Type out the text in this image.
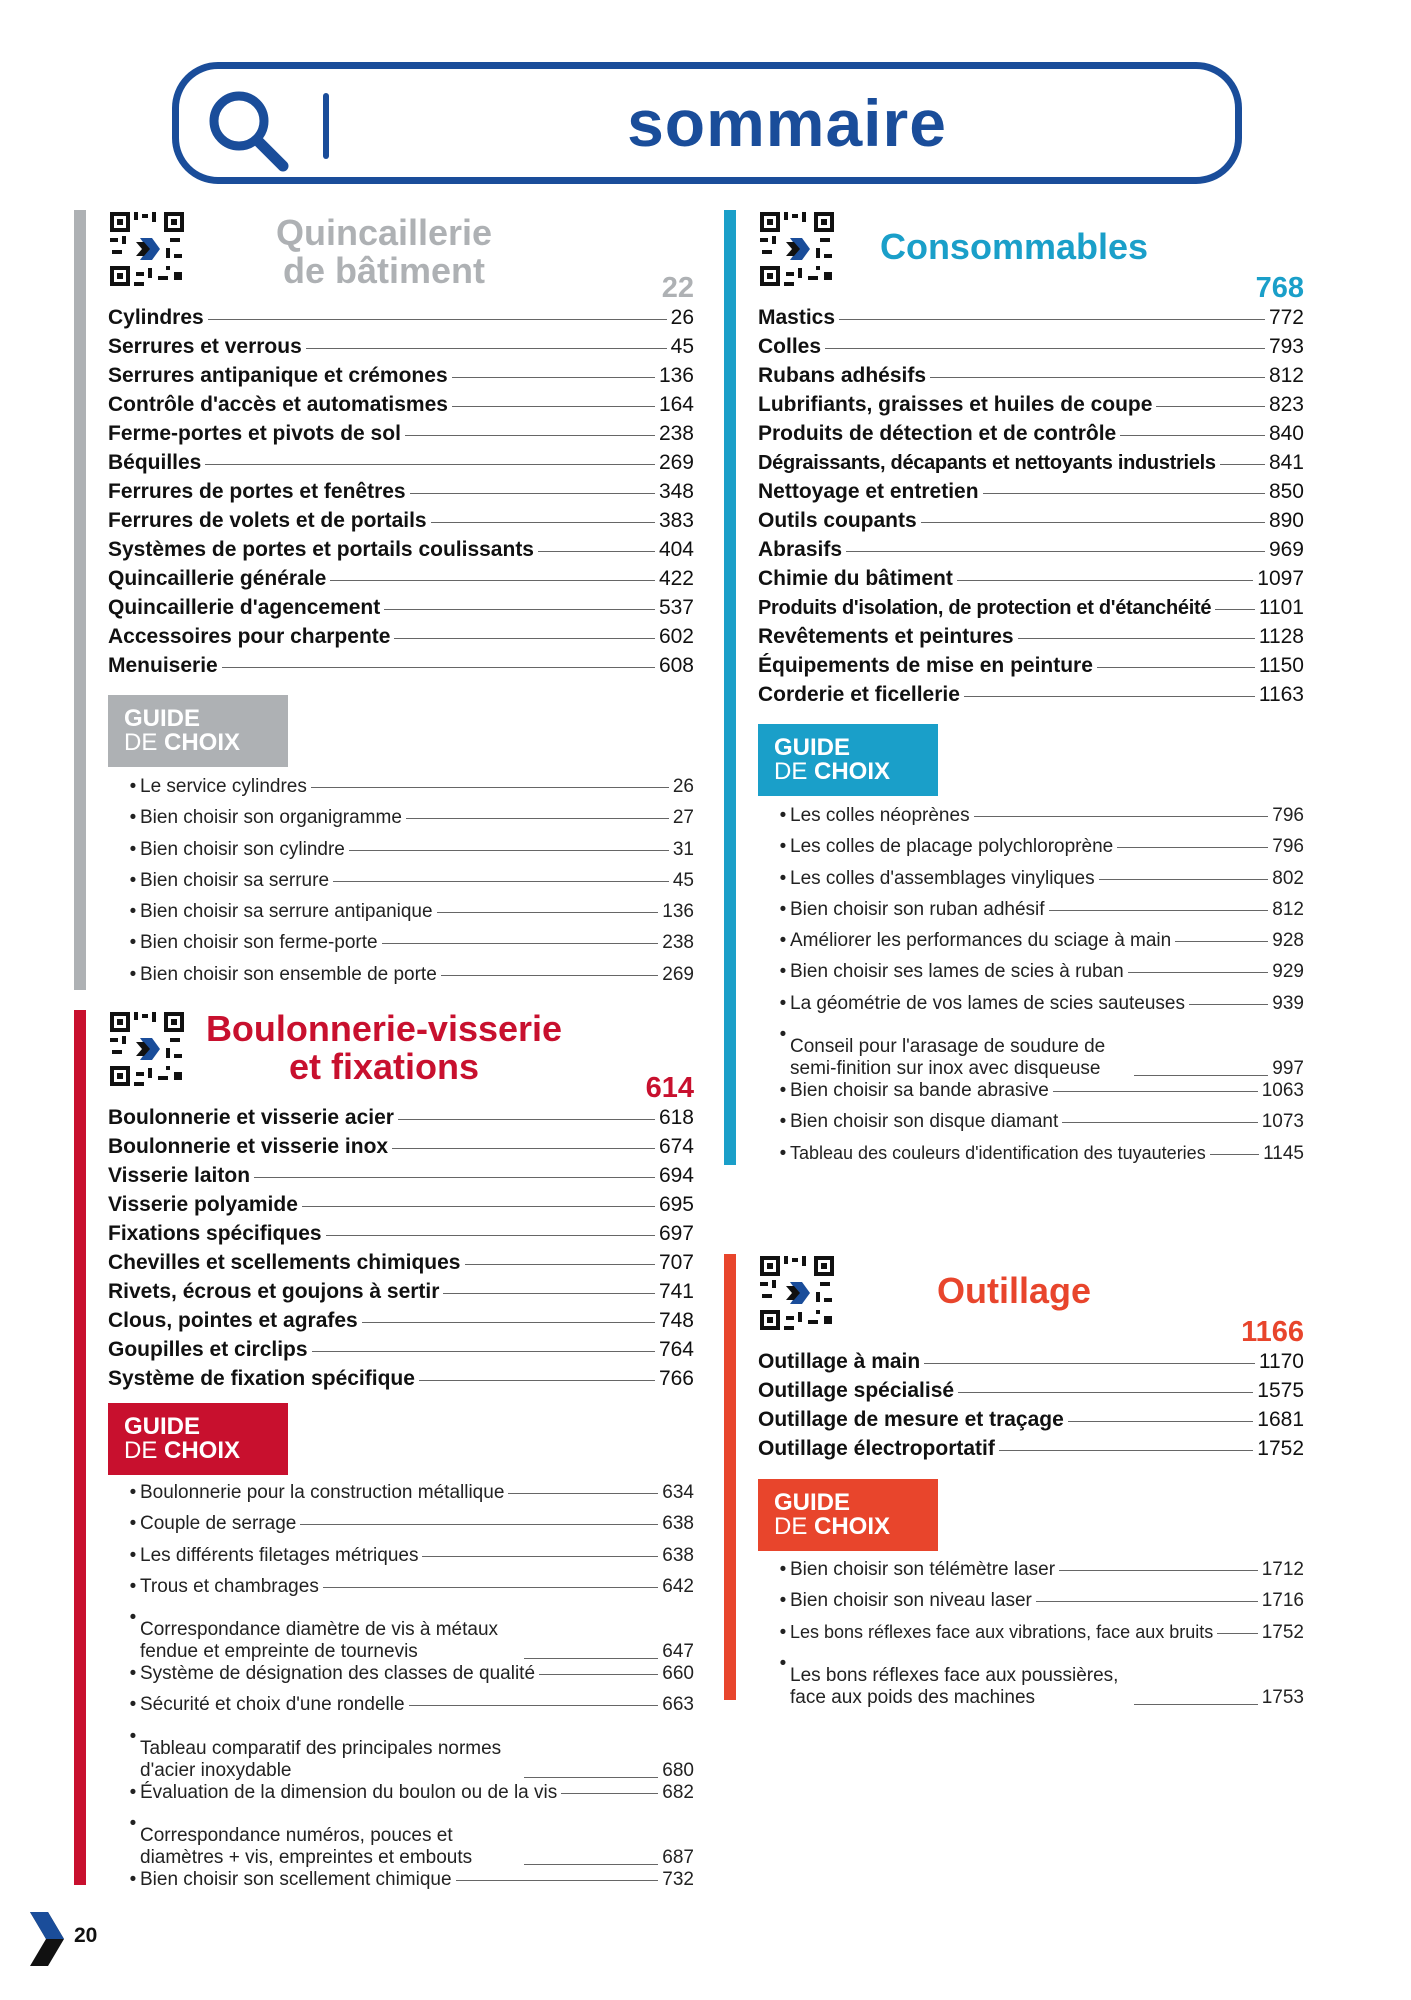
sommaire
Quincaillerie
de bâtiment	22
Cylindres	26
Serrures et verrous	45
Serrures antipanique et crémones	136
Contrôle d'accès et automatismes	164
Ferme-portes et pivots de sol	238
Béquilles	269
Ferrures de portes et fenêtres	348
Ferrures de volets et de portails	383
Systèmes de portes et portails coulissants	404
Quincaillerie générale	422
Quincaillerie d'agencement	537
Accessoires pour charpente	602
Menuiserie	608
GUIDE
DE CHOIX
• Le service cylindres	26
• Bien choisir son organigramme	27
• Bien choisir son cylindre	31
• Bien choisir sa serrure	45
• Bien choisir sa serrure antipanique	136
• Bien choisir son ferme-porte	238
• Bien choisir son ensemble de porte	269
Boulonnerie-visserie
et fixations
614
Boulonnerie et visserie acier	618
Boulonnerie et visserie inox	674
Visserie laiton	694
Visserie polyamide	695
Fixations spécifiques	697
Chevilles et scellements chimiques	707
Rivets, écrous et goujons à sertir	741
Clous, pointes et agrafes	748
Goupilles et circlips	764
Système de fixation spécifique	766
GUIDE
DE CHOIX
• Boulonnerie pour la construction métallique	634
• Couple de serrage	638
• Les différents filetages métriques	638
• Trous et chambrages	642
•
Correspondance diamètre de vis à métaux fendue et empreinte de tournevis	647
• Système de désignation des classes de qualité	660
• Sécurité et choix d'une rondelle	663
•
Tableau comparatif des principales normes d'acier inoxydable	680
• Évaluation de la dimension du boulon ou de la vis	682
•
Correspondance numéros, pouces et diamètres + vis, empreintes et embouts	687
• Bien choisir son scellement chimique	732
Consommables
768
Mastics	772
Colles	793
Rubans adhésifs	812
Lubrifiants, graisses et huiles de coupe	823
Produits de détection et de contrôle	840
Dégraissants, décapants et nettoyants industriels	841
Nettoyage et entretien	850
Outils coupants	890
Abrasifs	969
Chimie du bâtiment	1097
Produits d'isolation, de protection et d'étanchéité 1101
Revêtements et peintures	1128
Équipements de mise en peinture	1150
Corderie et ficellerie	1163
GUIDE
DE CHOIX
• Les colles néoprènes	796
• Les colles de placage polychloroprène	796
• Les colles d'assemblages vinyliques	802
• Bien choisir son ruban adhésif	812
• Améliorer les performances du sciage à main	928
• Bien choisir ses lames de scies à ruban	929
• La géométrie de vos lames de scies sauteuses	939
•
Conseil pour l'arasage de soudure de semi-finition sur inox avec disqueuse	997
• Bien choisir sa bande abrasive	1063
• Bien choisir son disque diamant	1073
• Tableau des couleurs d'identification des tuyauteries	1145
Outillage
1166
Outillage à main	1170
Outillage spécialisé	1575
Outillage de mesure et traçage	1681
Outillage électroportatif	1752
GUIDE
DE CHOIX
• Bien choisir son télémètre laser	1712
• Bien choisir son niveau laser	1716
• Les bons réflexes face aux vibrations, face aux bruits	1752
•
Les bons réflexes face aux poussières, face aux poids des machines	1753
20
